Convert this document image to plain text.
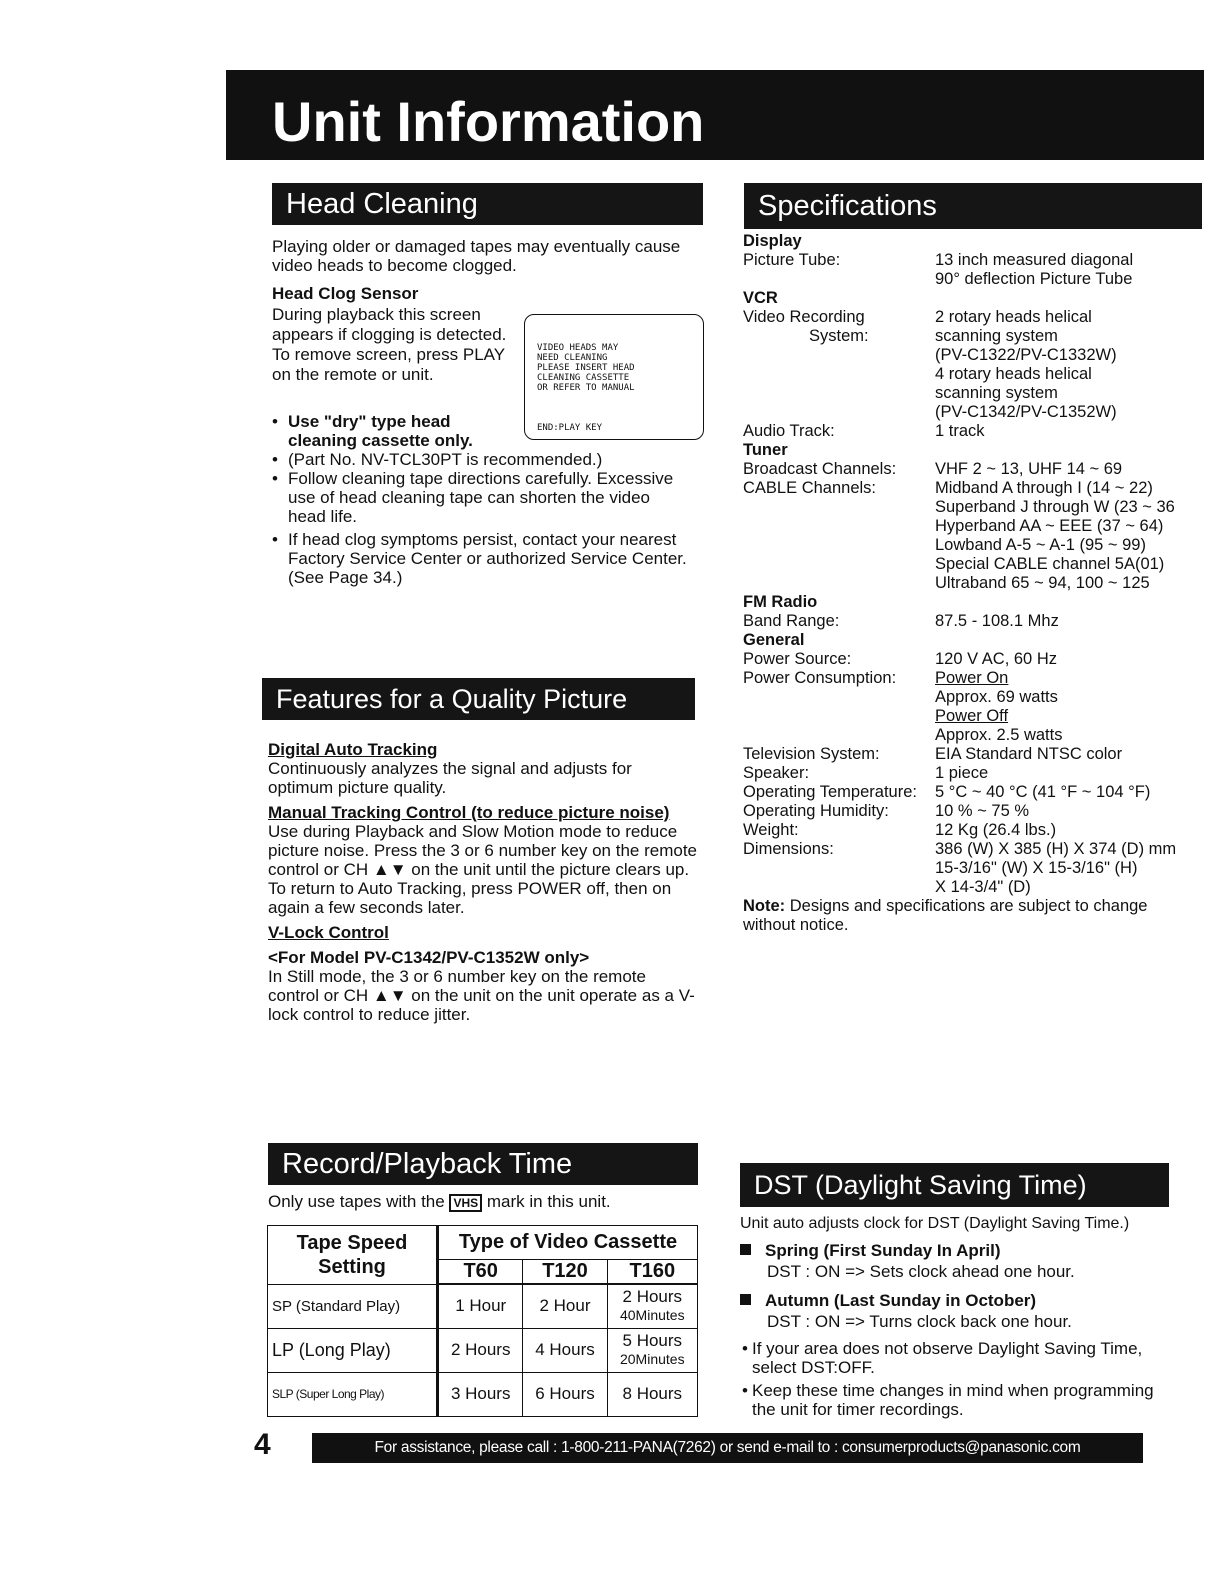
Unit Information
Head Cleaning
Playing older or damaged tapes may eventually cause video heads to become clogged.
Head Clog Sensor
During playback this screen appears if clogging is detected. To remove screen, press PLAY on the remote or unit.
VIDEO HEADS MAY
NEED CLEANING
PLEASE INSERT HEAD
CLEANING CASSETTE
OR REFER TO MANUAL
END:PLAY KEY
• Use "dry" type head cleaning cassette only.
• (Part No. NV-TCL30PT is recommended.)
• Follow cleaning tape directions carefully. Excessive use of head cleaning tape can shorten the video head life.
• If head clog symptoms persist, contact your nearest Factory Service Center or authorized Service Center. (See Page 34.)
Features for a Quality Picture
Digital Auto Tracking
Continuously analyzes the signal and adjusts for optimum picture quality.
Manual Tracking Control (to reduce picture noise)
Use during Playback and Slow Motion mode to reduce picture noise. Press the 3 or 6 number key on the remote control or CH ▲▼ on the unit until the picture clears up. To return to Auto Tracking, press POWER off, then on again a few seconds later.
V-Lock Control
<For Model PV-C1342/PV-C1352W only>
In Still mode, the 3 or 6 number key on the remote control or CH ▲▼ on the unit on the unit operate as a V-lock control to reduce jitter.
Specifications
Display
Picture Tube:	13 inch measured diagonal
90° deflection Picture Tube
VCR
Video Recording
System:
2 rotary heads helical
scanning system
(PV-C1322/PV-C1332W)
4 rotary heads helical
scanning system
(PV-C1342/PV-C1352W)
Audio Track:	1 track
Tuner
Broadcast Channels:	VHF 2 ~ 13, UHF 14 ~ 69
CABLE Channels:	Midband A through I (14 ~ 22)
Superband J through W (23 ~ 36
Hyperband AA ~ EEE (37 ~ 64)
Lowband A-5 ~ A-1 (95 ~ 99)
Special CABLE channel 5A(01)
Ultraband 65 ~ 94, 100 ~ 125
FM Radio
Band Range:	87.5 - 108.1 Mhz
General
Power Source:	120 V AC, 60 Hz
Power Consumption:	Power On
Approx. 69 watts
Power Off
Approx. 2.5 watts
Television System:	EIA Standard NTSC color
Speaker:	1 piece
Operating Temperature:	5 °C ~ 40 °C (41 °F ~ 104 °F)
Operating Humidity:	10 % ~ 75 %
Weight:	12 Kg (26.4 lbs.)
Dimensions:	386 (W) X 385 (H) X 374 (D) mm
15-3/16" (W) X 15-3/16" (H)
X 14-3/4" (D)
Note: Designs and specifications are subject to change without notice.
Record/Playback Time
Only use tapes with the VHS mark in this unit.
Tape Speed
Setting	Type of Video Cassette		
	T60	T120	T160
SP (Standard Play)	1 Hour	2 Hour	2 Hours
40Minutes

LP (Long Play)	2 Hours	4 Hours	5 Hours
20Minutes

SLP (Super Long Play)	3 Hours	6 Hours	8 Hours
DST (Daylight Saving Time)
Unit auto adjusts clock for DST (Daylight Saving Time.)
Spring (First Sunday In April)
DST : ON => Sets clock ahead one hour.
Autumn (Last Sunday in October)
DST : ON => Turns clock back one hour.
• If your area does not observe Daylight Saving Time, select DST:OFF.
• Keep these time changes in mind when programming the unit for timer recordings.
4	For assistance, please call : 1-800-211-PANA(7262) or send e-mail to : consumerproducts@panasonic.com
